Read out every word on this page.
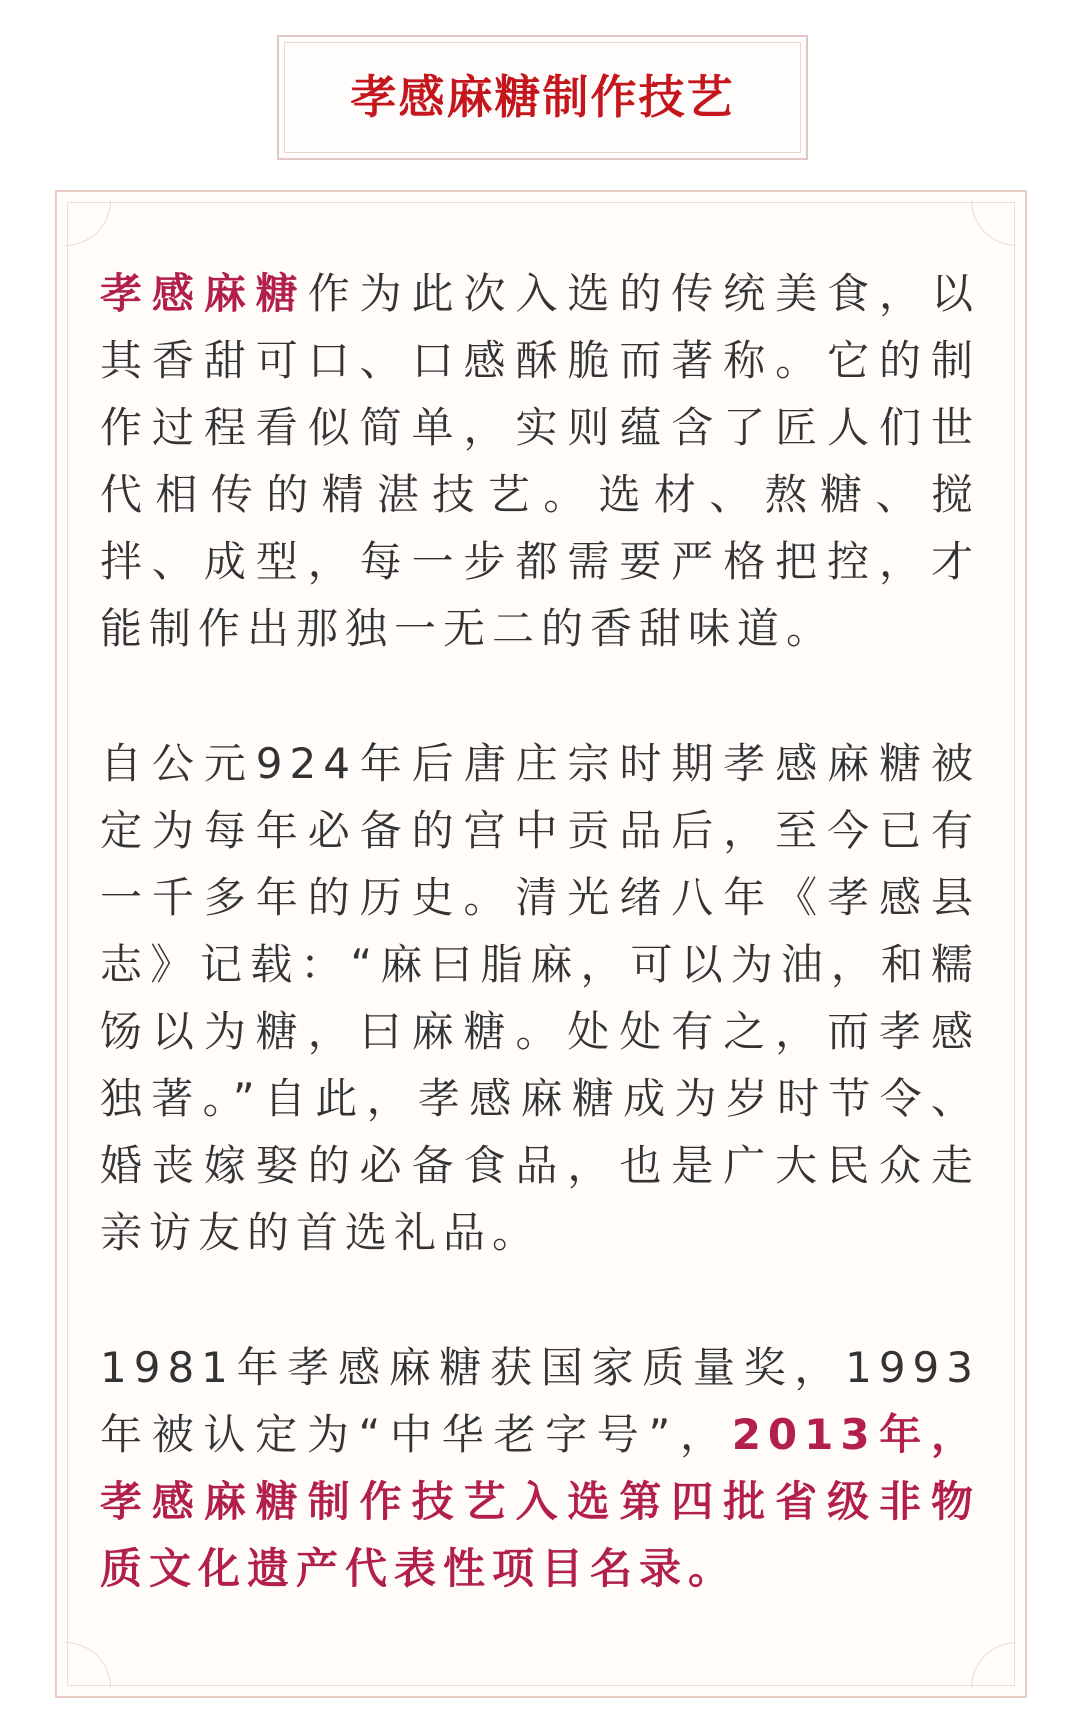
孝感麻糖制作技艺

孝感麻糖作为此次入选的传统美食，以其香甜可口、口感酥脆而著称。它的制作过程看似简单，实则蕴含了匠人们世代相传的精湛技艺。选材、熬糖、搅拌、成型，每一步都需要严格把控，才能制作出那独一无二的香甜味道。

自公元924年后唐庄宗时期孝感麻糖被定为每年必备的宫中贡品后，至今已有一千多年的历史。清光绪八年《孝感县志》记载：“麻曰脂麻，可以为油，和糯饧以为糖，曰麻糖。处处有之，而孝感独著。”自此，孝感麻糖成为岁时节令、婚丧嫁娶的必备食品，也是广大民众走亲访友的首选礼品。

1981年孝感麻糖获国家质量奖，1993年被认定为“中华老字号”，2013年，孝感麻糖制作技艺入选第四批省级非物质文化遗产代表性项目名录。
